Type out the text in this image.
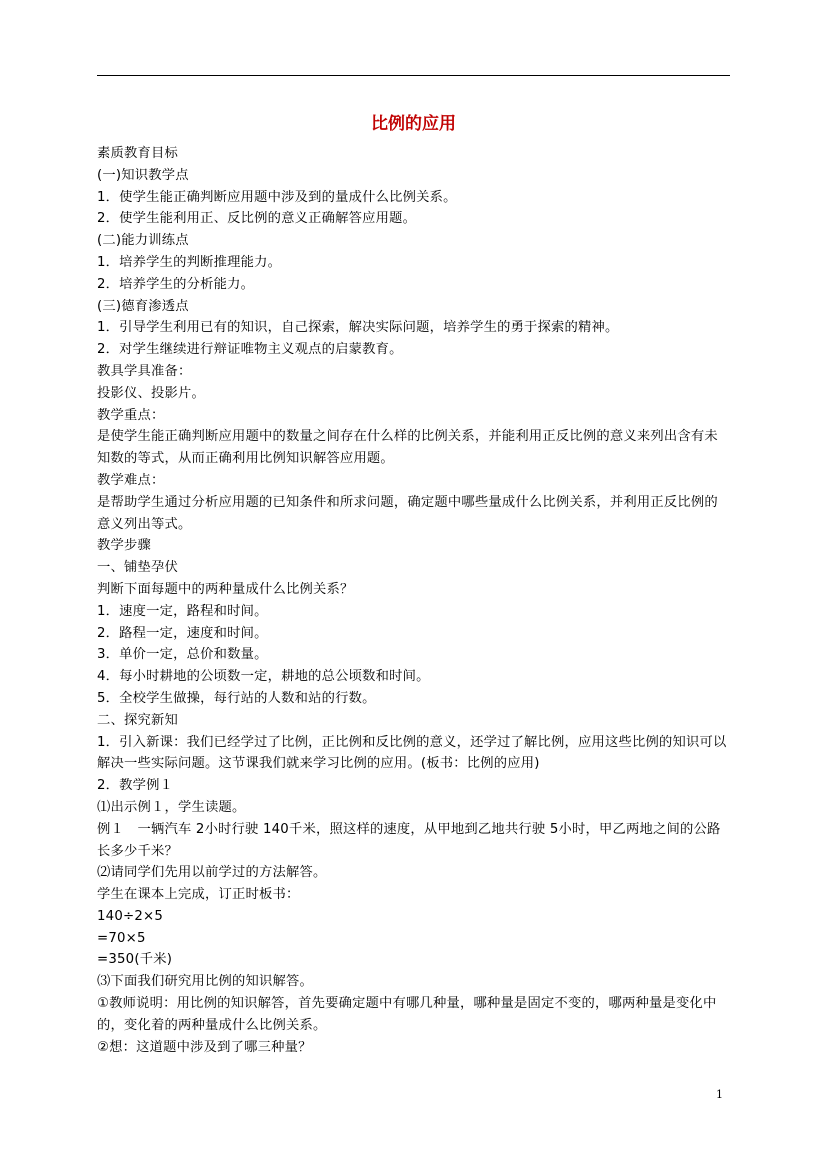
比例的应用
素质教育目标
(一)知识教学点
1．使学生能正确判断应用题中涉及到的量成什么比例关系。
2．使学生能利用正、反比例的意义正确解答应用题。
(二)能力训练点
1．培养学生的判断推理能力。
2．培养学生的分析能力。
(三)德育渗透点
1．引导学生利用已有的知识，自己探索，解决实际问题，培养学生的勇于探索的精神。
2．对学生继续进行辩证唯物主义观点的启蒙教育。
教具学具准备：
投影仪、投影片。
教学重点：
是使学生能正确判断应用题中的数量之间存在什么样的比例关系，并能利用正反比例的意义来列出含有未知数的等式，从而正确利用比例知识解答应用题。
教学难点：
是帮助学生通过分析应用题的已知条件和所求问题，确定题中哪些量成什么比例关系，并利用正反比例的意义列出等式。
教学步骤
一、铺垫孕伏
判断下面每题中的两种量成什么比例关系？
1．速度一定，路程和时间。
2．路程一定，速度和时间。
3．单价一定，总价和数量。
4．每小时耕地的公顷数一定，耕地的总公顷数和时间。
5．全校学生做操，每行站的人数和站的行数。
二、探究新知
1．引入新课：我们已经学过了比例，正比例和反比例的意义，还学过了解比例，应用这些比例的知识可以解决一些实际问题。这节课我们就来学习比例的应用。(板书：比例的应用)
2．教学例１
⑴出示例１，学生读题。
例１　一辆汽车 2小时行驶 140千米，照这样的速度，从甲地到乙地共行驶 5小时，甲乙两地之间的公路长多少千米？
⑵请同学们先用以前学过的方法解答。
学生在课本上完成，订正时板书：
140÷2×5
=70×5
=350(千米)
⑶下面我们研究用比例的知识解答。
①教师说明：用比例的知识解答，首先要确定题中有哪几种量，哪种量是固定不变的，哪两种量是变化中的，变化着的两种量成什么比例关系。
②想：这道题中涉及到了哪三种量？
1
